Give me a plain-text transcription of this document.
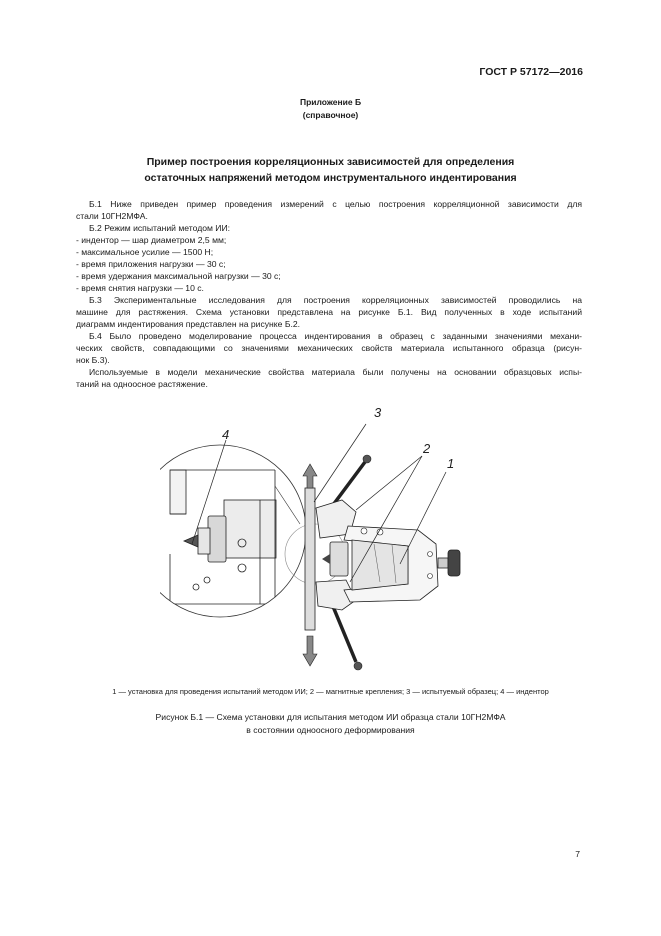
ГОСТ Р 57172—2016
Приложение Б
(справочное)
Пример построения корреляционных зависимостей для определения
остаточных напряжений методом инструментального индентирования

Б.1 Ниже приведен пример проведения измерений с целью построения корреляционной зависимости для

стали 10ГН2МФА.

Б.2 Режим испытаний методом ИИ:

- индентор — шар диаметром 2,5 мм;

- максимальное усилие — 1500 Н;

- время приложения нагрузки — 30 с;

- время удержания максимальной нагрузки — 30 с;

- время снятия нагрузки — 10 с.

Б.3 Экспериментальные исследования для построения корреляционных зависимостей проводились на

машине для растяжения. Схема установки представлена на рисунке Б.1. Вид полученных в ходе испытаний

диаграмм индентирования представлен на рисунке Б.2.

Б.4 Было проведено моделирование процесса индентирования в образец с заданными значениями механи-

ческих свойств, совпадающими со значениями механических свойств материала испытанного образца (рисун-

нок Б.3).

Используемые в модели механические свойства материала были получены на основании образцовых испы-

таний на одноосное растяжение.

3
4
2
1
1 — установка для проведения испытаний методом ИИ; 2 — магнитные крепления; 3 — испытуемый образец; 4 — индентор
Рисунок Б.1 — Схема установки для испытания методом ИИ образца стали 10ГН2МФА
в состоянии одноосного деформирования
7
